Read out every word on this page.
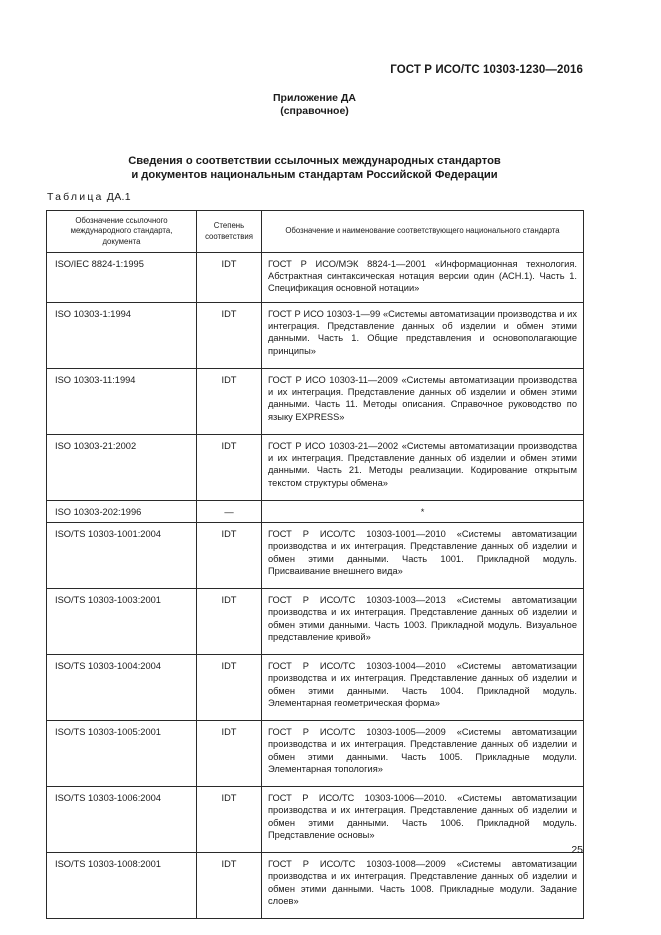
ГОСТ Р ИСО/ТС 10303-1230—2016
Приложение ДА
(справочное)
Сведения о соответствии ссылочных международных стандартов
и документов национальным стандартам Российской Федерации
Таблица ДА.1
Обозначение ссылочного международного стандарта, документа	Степень соответствия	Обозначение и наименование соответствующего национального стандарта
ISO/IEC 8824-1:1995	IDT	ГОСТ Р ИСО/МЭК 8824-1—2001 «Информационная технология. Абстрактная синтаксическая нотация версии один (АСН.1). Часть 1. Спецификация основной нотации»
ISO 10303-1:1994	IDT	ГОСТ Р ИСО 10303-1—99 «Системы автоматизации производства и их интеграция. Представление данных об изделии и обмен этими данными. Часть 1. Общие представления и основополагающие принципы»
ISO 10303-11:1994	IDT	ГОСТ Р ИСО 10303-11—2009 «Системы автоматизации производства и их интеграция. Представление данных об изделии и обмен этими данными. Часть 11. Методы описания. Справочное руководство по языку EXPRESS»
ISO 10303-21:2002	IDT	ГОСТ Р ИСО 10303-21—2002 «Системы автоматизации производства и их интеграция. Представление данных об изделии и обмен этими данными. Часть 21. Методы реализации. Кодирование открытым текстом структуры обмена»
ISO 10303-202:1996	—	*
ISO/TS 10303-1001:2004	IDT	ГОСТ Р ИСО/ТС 10303-1001—2010 «Системы автоматизации производства и их интеграция. Представление данных об изделии и обмен этими данными. Часть 1001. Прикладной модуль. Присваивание внешнего вида»
ISO/TS 10303-1003:2001	IDT	ГОСТ Р ИСО/ТС 10303-1003—2013 «Системы автоматизации производства и их интеграция. Представление данных об изделии и обмен этими данными. Часть 1003. Прикладной модуль. Визуальное представление кривой»
ISO/TS 10303-1004:2004	IDT	ГОСТ Р ИСО/ТС 10303-1004—2010 «Системы автоматизации производства и их интеграция. Представление данных об изделии и обмен этими данными. Часть 1004. Прикладной модуль. Элементарная геометрическая форма»
ISO/TS 10303-1005:2001	IDT	ГОСТ Р ИСО/ТС 10303-1005—2009 «Системы автоматизации производства и их интеграция. Представление данных об изделии и обмен этими данными. Часть 1005. Прикладные модули. Элементарная топология»
ISO/TS 10303-1006:2004	IDT	ГОСТ Р ИСО/ТС 10303-1006—2010. «Системы автоматизации производства и их интеграция. Представление данных об изделии и обмен этими данными. Часть 1006. Прикладной модуль. Представление основы»
ISO/TS 10303-1008:2001	IDT	ГОСТ Р ИСО/ТС 10303-1008—2009 «Системы автоматизации производства и их интеграция. Представление данных об изделии и обмен этими данными. Часть 1008. Прикладные модули. Задание слоев»
25
